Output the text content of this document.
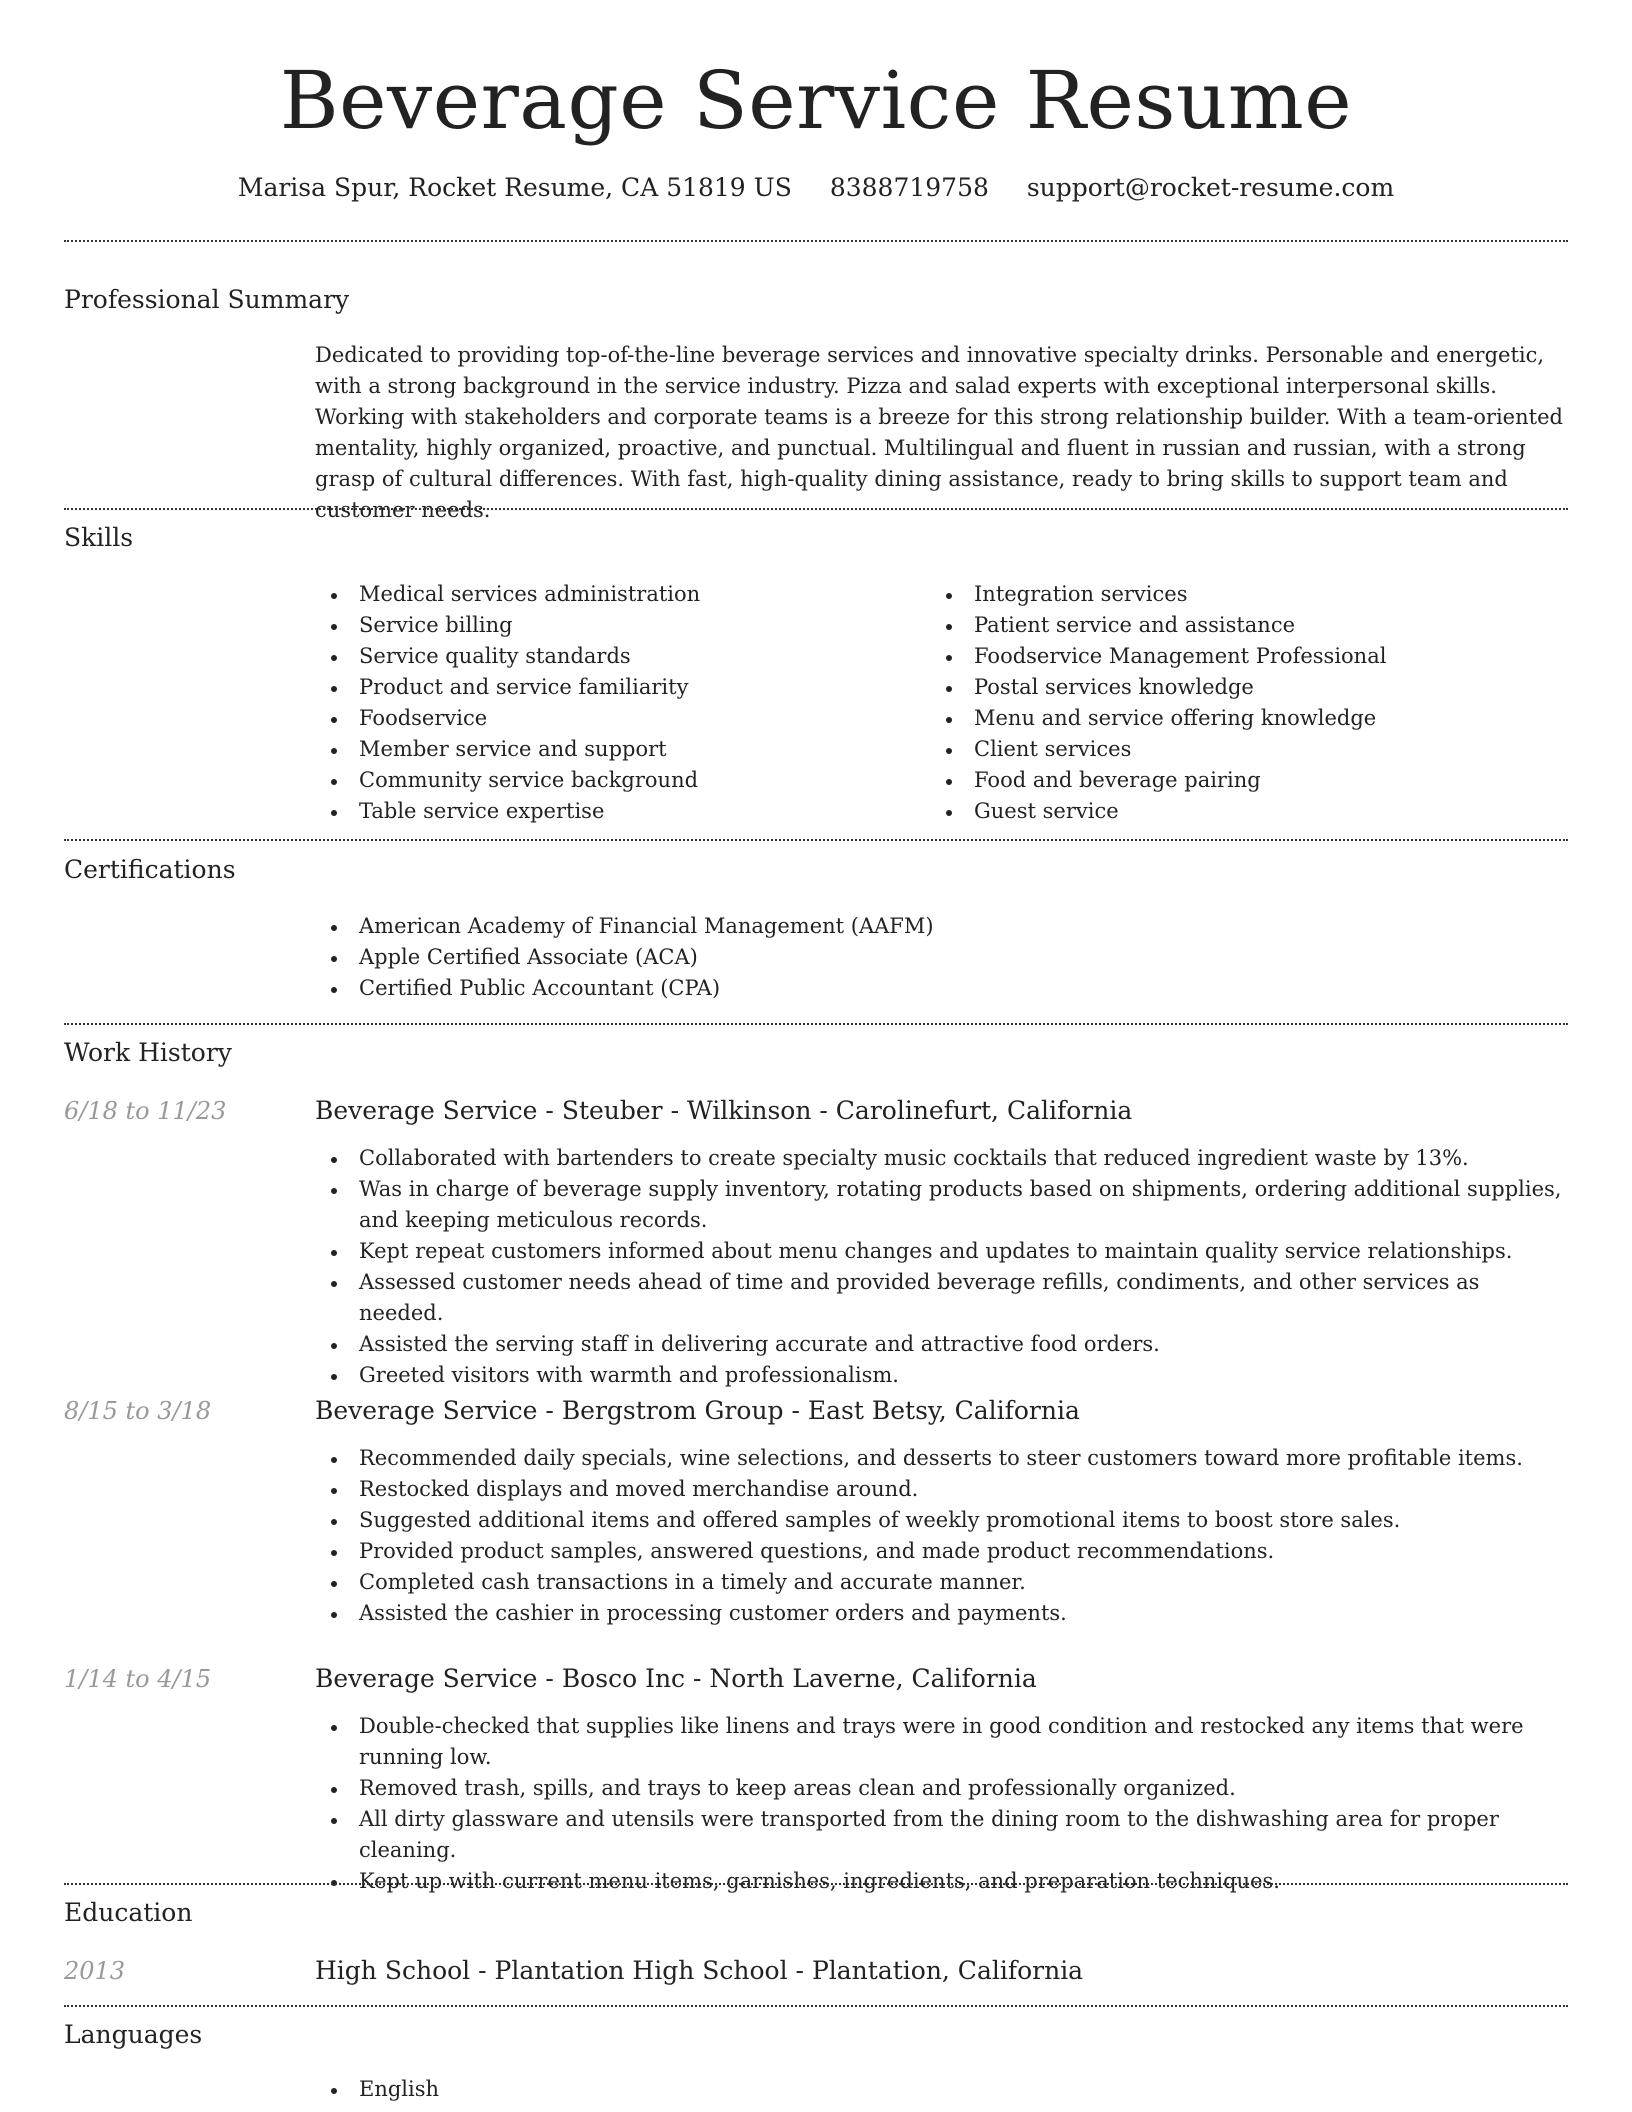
Beverage Service Resume
Marisa Spur, Rocket Resume, CA 51819 US 8388719758 support@rocket-resume.com
Professional Summary

Dedicated to providing top-of-the-line beverage services and innovative specialty drinks. Personable and energetic, with a strong background in the service industry. Pizza and salad experts with exceptional interpersonal skills. Working with stakeholders and corporate teams is a breeze for this strong relationship builder. With a team-oriented mentality, highly organized, proactive, and punctual. Multilingual and fluent in russian and russian, with a strong grasp of cultural differences. With fast, high-quality dining assistance, ready to bring skills to support team and customer needs.

Skills
Medical services administration
Service billing
Service quality standards
Product and service familiarity
Foodservice
Member service and support
Community service background
Table service expertise
Integration services
Patient service and assistance
Foodservice Management Professional
Postal services knowledge
Menu and service offering knowledge
Client services
Food and beverage pairing
Guest service
Certifications
American Academy of Financial Management (AAFM)
Apple Certified Associate (ACA)
Certified Public Accountant (CPA)
Work History
6/18 to 11/23	Beverage Service - Steuber - Wilkinson - Carolinefurt, California
Collaborated with bartenders to create specialty music cocktails that reduced ingredient waste by 13%.
Was in charge of beverage supply inventory, rotating products based on shipments, ordering additional supplies, and keeping meticulous records.
Kept repeat customers informed about menu changes and updates to maintain quality service relationships.
Assessed customer needs ahead of time and provided beverage refills, condiments, and other services as needed.
Assisted the serving staff in delivering accurate and attractive food orders.
Greeted visitors with warmth and professionalism.
8/15 to 3/18	Beverage Service - Bergstrom Group - East Betsy, California
Recommended daily specials, wine selections, and desserts to steer customers toward more profitable items.
Restocked displays and moved merchandise around.
Suggested additional items and offered samples of weekly promotional items to boost store sales.
Provided product samples, answered questions, and made product recommendations.
Completed cash transactions in a timely and accurate manner.
Assisted the cashier in processing customer orders and payments.
1/14 to 4/15	Beverage Service - Bosco Inc - North Laverne, California
Double-checked that supplies like linens and trays were in good condition and restocked any items that were running low.
Removed trash, spills, and trays to keep areas clean and professionally organized.
All dirty glassware and utensils were transported from the dining room to the dishwashing area for proper cleaning.
Kept up with current menu items, garnishes, ingredients, and preparation techniques.
Education
2013	High School - Plantation High School - Plantation, California
Languages
English
